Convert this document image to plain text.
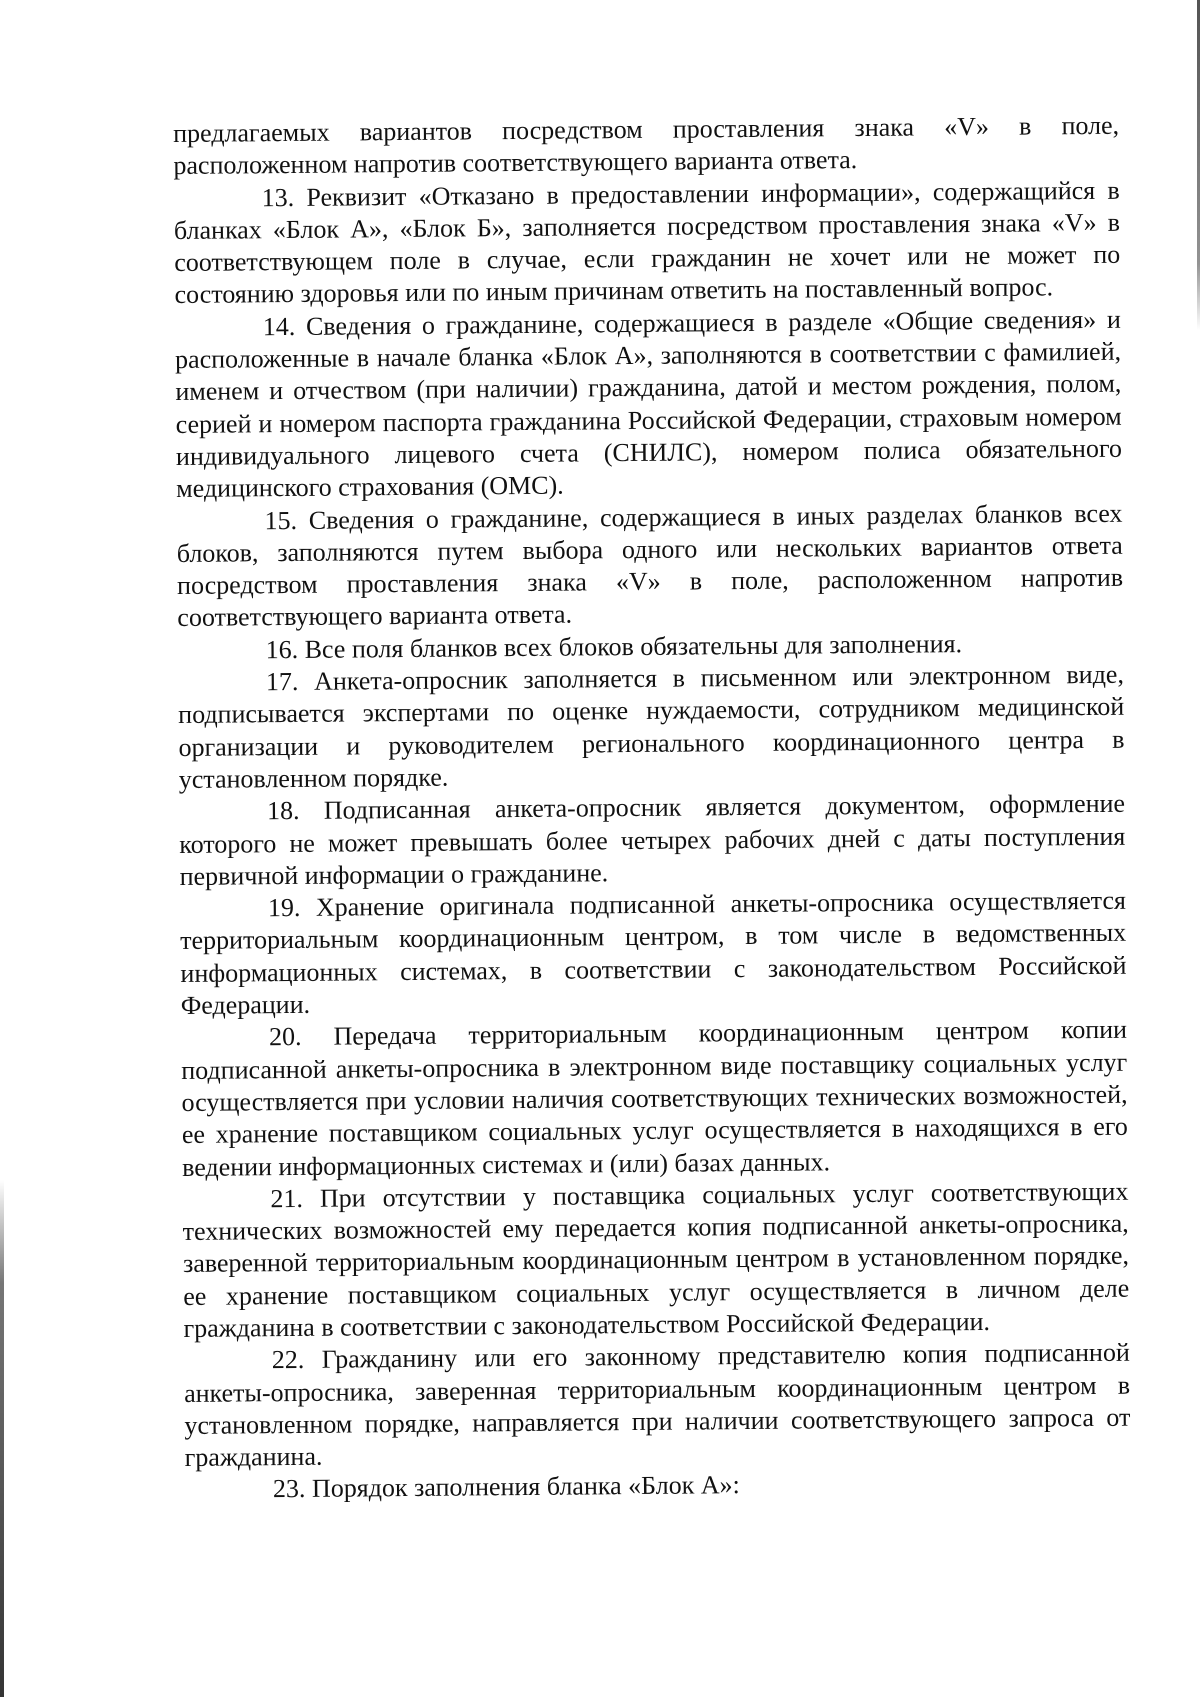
предлагаемых вариантов посредством проставления знака «V» в поле, расположенном напротив соответствующего варианта ответа.

13. Реквизит «Отказано в предоставлении информации», содержащийся в бланках «Блок А», «Блок Б», заполняется посредством проставления знака «V» в соответствующем поле в случае, если гражданин не хочет или не может по состоянию здоровья или по иным причинам ответить на поставленный вопрос.

14. Сведения о гражданине, содержащиеся в разделе «Общие сведения» и расположенные в начале бланка «Блок А», заполняются в соответствии с фамилией, именем и отчеством (при наличии) гражданина, датой и местом рождения, полом, серией и номером паспорта гражданина Российской Федерации, страховым номером индивидуального лицевого счета (СНИЛС), номером полиса обязательного медицинского страхования (ОМС).

15. Сведения о гражданине, содержащиеся в иных разделах бланков всех блоков, заполняются путем выбора одного или нескольких вариантов ответа посредством проставления знака «V» в поле, расположенном напротив соответствующего варианта ответа.

16. Все поля бланков всех блоков обязательны для заполнения.

17. Анкета-опросник заполняется в письменном или электронном виде, подписывается экспертами по оценке нуждаемости, сотрудником медицинской организации и руководителем регионального координационного центра в установленном порядке.

18. Подписанная анкета-опросник является документом, оформление которого не может превышать более четырех рабочих дней с даты поступления первичной информации о гражданине.

19. Хранение оригинала подписанной анкеты-опросника осуществляется территориальным координационным центром, в том числе в ведомственных информационных системах, в соответствии с законодательством Российской Федерации.

20. Передача территориальным координационным центром копии подписанной анкеты-опросника в электронном виде поставщику социальных услуг осуществляется при условии наличия соответствующих технических возможностей, ее хранение поставщиком социальных услуг осуществляется в находящихся в его ведении информационных системах и (или) базах данных.

21. При отсутствии у поставщика социальных услуг соответствующих технических возможностей ему передается копия подписанной анкеты-опросника, заверенной территориальным координационным центром в установленном порядке, ее хранение поставщиком социальных услуг осуществляется в личном деле гражданина в соответствии с законодательством Российской Федерации.

22. Гражданину или его законному представителю копия подписанной анкеты-опросника, заверенная территориальным координационным центром в установленном порядке, направляется при наличии соответствующего запроса от гражданина.

23. Порядок заполнения бланка «Блок А»:
